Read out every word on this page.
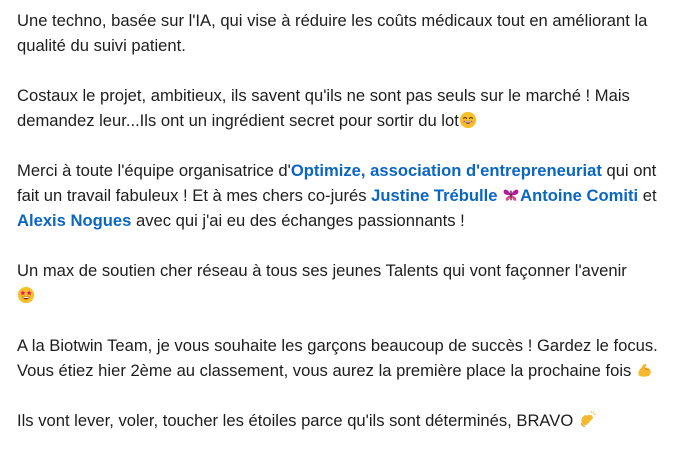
Une techno, basée sur l'IA, qui vise à réduire les coûts médicaux tout en améliorant la qualité du suivi patient.

Costaux le projet, ambitieux, ils savent qu'ils ne sont pas seuls sur le marché ! Mais demandez leur...Ils ont un ingrédient secret pour sortir du lot

Merci à toute l'équipe organisatrice d'Optimize, association d'entrepreneuriat qui ont fait un travail fabuleux ! Et à mes chers co-jurés Justine Trébulle Antoine Comiti et Alexis Nogues avec qui j'ai eu des échanges passionnants !

Un max de soutien cher réseau à tous ses jeunes Talents qui vont façonner l'avenir

A la Biotwin Team, je vous souhaite les garçons beaucoup de succès ! Gardez le focus. Vous étiez hier 2ème au classement, vous aurez la première place la prochaine fois

Ils vont lever, voler, toucher les étoiles parce qu'ils sont déterminés, BRAVO
